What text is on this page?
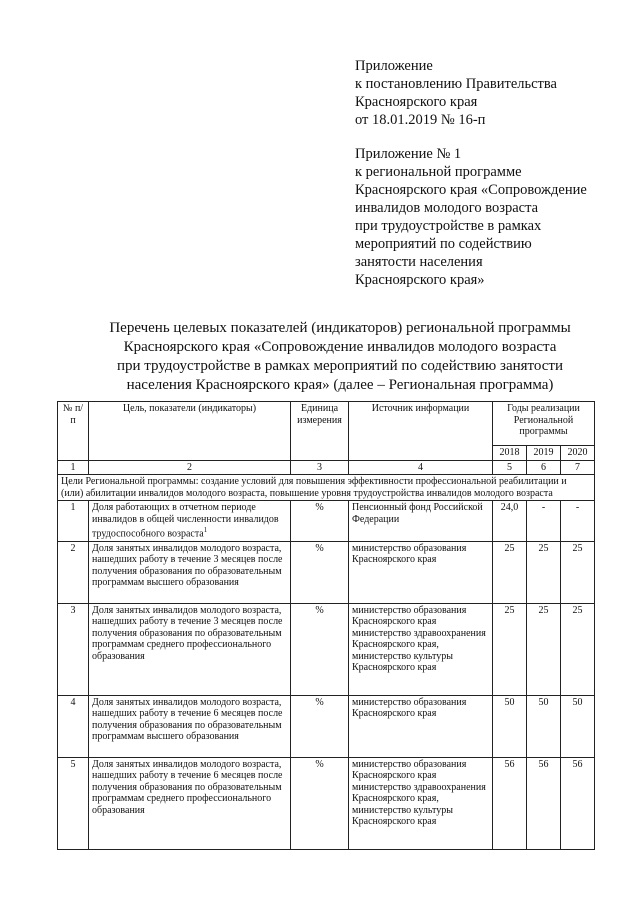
Приложение
к постановлению Правительства
Красноярского края
от 18.01.2019 № 16-п
Приложение № 1
к региональной программе
Красноярского края «Сопровождение
инвалидов молодого возраста
при трудоустройстве в рамках
мероприятий по содействию
занятости населения
Красноярского края»
Перечень целевых показателей (индикаторов) региональной программы
Красноярского края «Сопровождение инвалидов молодого возраста
при трудоустройстве в рамках мероприятий по содействию занятости
населения Красноярского края» (далее – Региональная программа)
№ п/п	Цель, показатели (индикаторы)	Единица измерения	Источник информации	Годы реализации Региональной программы		
				2018	2019	2020
1	2	3	4	5	6	7
Цели Региональной программы: создание условий для повышения эффективности профессиональной реабилитации и (или) абилитации инвалидов молодого возраста, повышение уровня трудоустройства инвалидов молодого возраста						
1	Доля работающих в отчетном периоде инвалидов в общей численности инвалидов трудоспособного возраста$^1$	%	Пенсионный фонд Российской Федерации	24,0	-	-
2	Доля занятых инвалидов молодого возраста, нашедших работу в течение 3 месяцев после получения образования по образовательным программам высшего образования	%	министерство образования Красноярского края	25	25	25
3	Доля занятых инвалидов молодого возраста, нашедших работу в течение 3 месяцев после получения образования по образовательным программам среднего профессионального образования	%	министерство образования Красноярского края министерство здравоохранения Красноярского края, министерство культуры Красноярского края	25	25	25
4	Доля занятых инвалидов молодого возраста, нашедших работу в течение 6 месяцев после получения образования по образовательным программам высшего образования	%	министерство образования Красноярского края	50	50	50
5	Доля занятых инвалидов молодого возраста, нашедших работу в течение 6 месяцев после получения образования по образовательным программам среднего профессионального образования	%	министерство образования Красноярского края министерство здравоохранения Красноярского края, министерство культуры Красноярского края	56	56	56
